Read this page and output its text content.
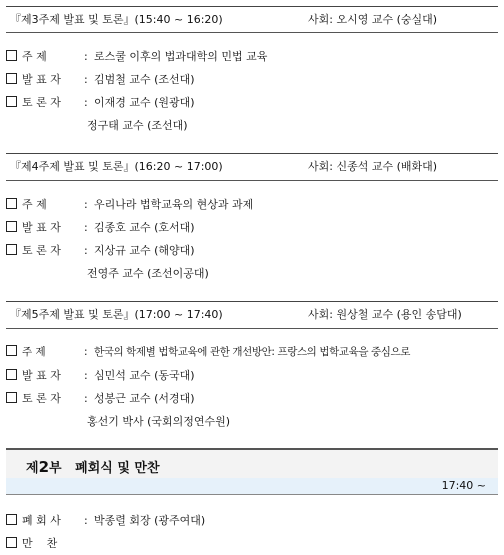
『제3주제 발표 및 토론』(15:40 ~ 16:20)	사회: 오시영 교수 (숭실대)
주 제	: 로스쿨 이후의 법과대학의 민법 교육
발 표 자 : 김범철 교수 (조선대)
토 론 자 : 이재경 교수 (원광대)
정구태 교수 (조선대)
『제4주제 발표 및 토론』(16:20 ~ 17:00)	사회: 신종석 교수 (배화대)
주 제	: 우리나라 법학교육의 현상과 과제
발 표 자 : 김종호 교수 (호서대)
토 론 자 : 지상규 교수 (해양대)
전영주 교수 (조선이공대)
『제5주제 발표 및 토론』(17:00 ~ 17:40)	사회: 원상철 교수 (용인 송담대)
주 제	: 한국의 학제별 법학교육에 관한 개선방안: 프랑스의 법학교육을 중심으로
발 표 자 : 심민석 교수 (동국대)
토 론 자 : 성봉근 교수 (서경대)
홍선기 박사 (국회의정연수원)
제2부   폐회식 및 만찬
17:40 ~
폐 회 사 : 박종렬 회장 (광주여대)
만    찬
